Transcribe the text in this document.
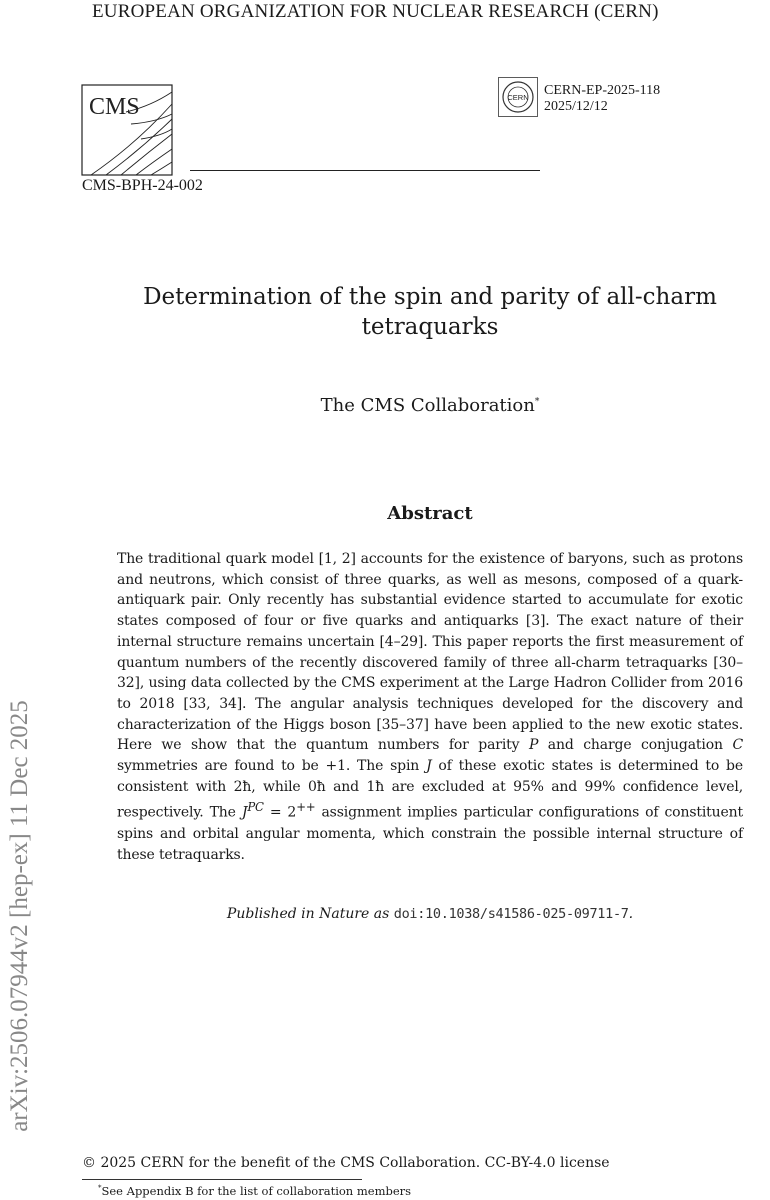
EUROPEAN ORGANIZATION FOR NUCLEAR RESEARCH (CERN)
arXiv:2506.07944v2 [hep-ex] 11 Dec 2025
CMS	CERN CERN-EP-2025-118
2025/12/12
CMS-BPH-24-002
Determination of the spin and parity of all-charm tetraquarks
The CMS Collaboration*
Abstract
The traditional quark model [1, 2] accounts for the existence of baryons, such as protons and neutrons, which consist of three quarks, as well as mesons, composed of a quark-antiquark pair. Only recently has substantial evidence started to accumulate for exotic states composed of four or five quarks and antiquarks [3]. The exact nature of their internal structure remains uncertain [4–29]. This paper reports the first measurement of quantum numbers of the recently discovered family of three all-charm tetraquarks [30–32], using data collected by the CMS experiment at the Large Hadron Collider from 2016 to 2018 [33, 34]. The angular analysis techniques developed for the discovery and characterization of the Higgs boson [35–37] have been applied to the new exotic states. Here we show that the quantum numbers for parity P and charge conjugation C symmetries are found to be +1. The spin J of these exotic states is determined to be consistent with 2ħ, while 0ħ and 1ħ are excluded at 95% and 99% confidence level, respectively. The $J^{PC} = 2^{++}$ assignment implies particular configurations of constituent spins and orbital angular momenta, which constrain the possible internal structure of these tetraquarks.
Published in Nature as doi:10.1038/s41586-025-09711-7.
© 2025 CERN for the benefit of the CMS Collaboration. CC-BY-4.0 license
*See Appendix B for the list of collaboration members
